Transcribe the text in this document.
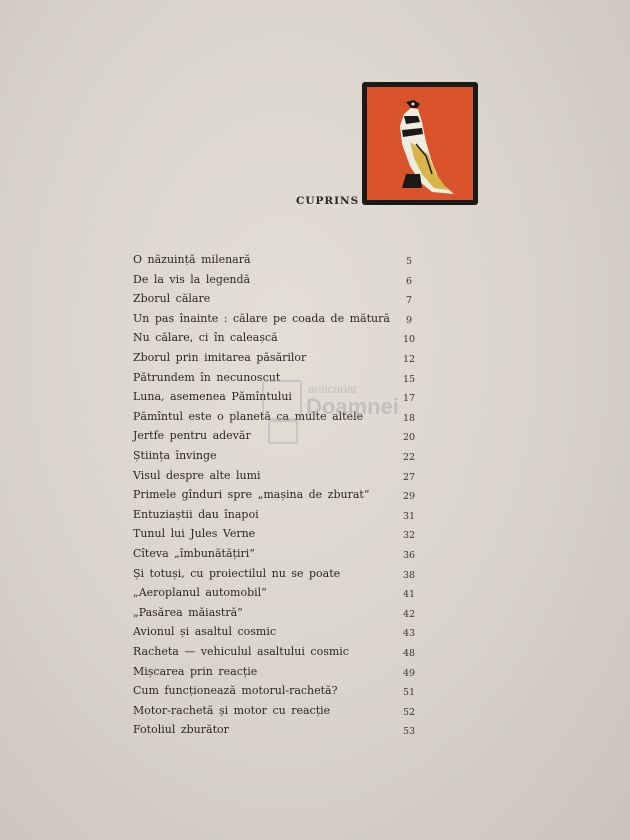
CUPRINS
O năzuință milenară	5
De la vis la legendă	6
Zborul călare	7
Un pas înainte : călare pe coada de mătură	9
Nu călare, ci în caleașcă	10
Zborul prin imitarea păsărilor	12
Pătrundem în necunoscut	15
Luna, asemenea Pămîntului	17
Pămîntul este o planetă ca multe altele	18
Jertfe pentru adevăr	20
Știința învinge	22
Visul despre alte lumi	27
Primele gînduri spre „mașina de zburat“	29
Entuziaștii dau înapoi	31
Tunul lui Jules Verne	32
Cîteva „îmbunătățiri“	36
Și totuși, cu proiectilul nu se poate	38
„Aeroplanul automobil“	41
„Pasărea măiastră“	42
Avionul și asaltul cosmic	43
Racheta — vehiculul asaltului cosmic	48
Mișcarea prin reacție	49
Cum funcționează motorul-rachetă?	51
Motor-rachetă și motor cu reacție	52
Fotoliul zburător	53
anticariat
Doamnei
